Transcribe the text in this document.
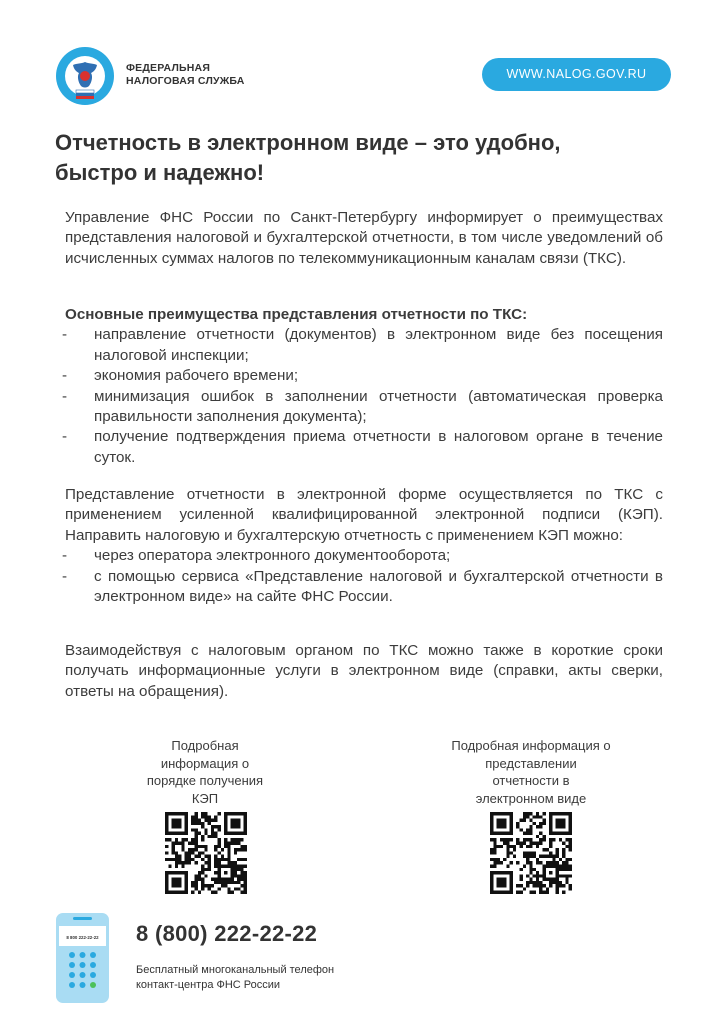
ФЕДЕРАЛЬНАЯ
НАЛОГОВАЯ СЛУЖБА	WWW.NALOG.GOV.RU
Отчетность в электронном виде – это удобно,
быстро и надежно!
Управление ФНС России по Санкт-Петербургу информирует о преимуществах представления налоговой и бухгалтерской отчетности, в том числе уведомлений об исчисленных суммах налогов по телекоммуникационным каналам связи (ТКС).
Основные преимущества представления отчетности по ТКС:
- направление отчетности (документов) в электронном виде без посещения налоговой инспекции;
- экономия рабочего времени;
- минимизация ошибок в заполнении отчетности (автоматическая проверка правильности заполнения документа);
- получение подтверждения приема отчетности в налоговом органе в течение суток.
Представление отчетности в электронной форме осуществляется по ТКС с применением усиленной квалифицированной электронной подписи (КЭП). Направить налоговую и бухгалтерскую отчетность с применением КЭП можно:
- через оператора электронного документооборота;
- с помощью сервиса «Представление налоговой и бухгалтерской отчетности в электронном виде» на сайте ФНС России.
Взаимодействуя с налоговым органом по ТКС можно также в короткие сроки получать информационные услуги в электронном виде (справки, акты сверки, ответы на обращения).
Подробная
информация о
порядке получения
КЭП
Подробная информация о
представлении
отчетности в
электронном виде
8 800 222-22-22 8 (800) 222-22-22
Бесплатный многоканальный телефон
контакт-центра ФНС России
